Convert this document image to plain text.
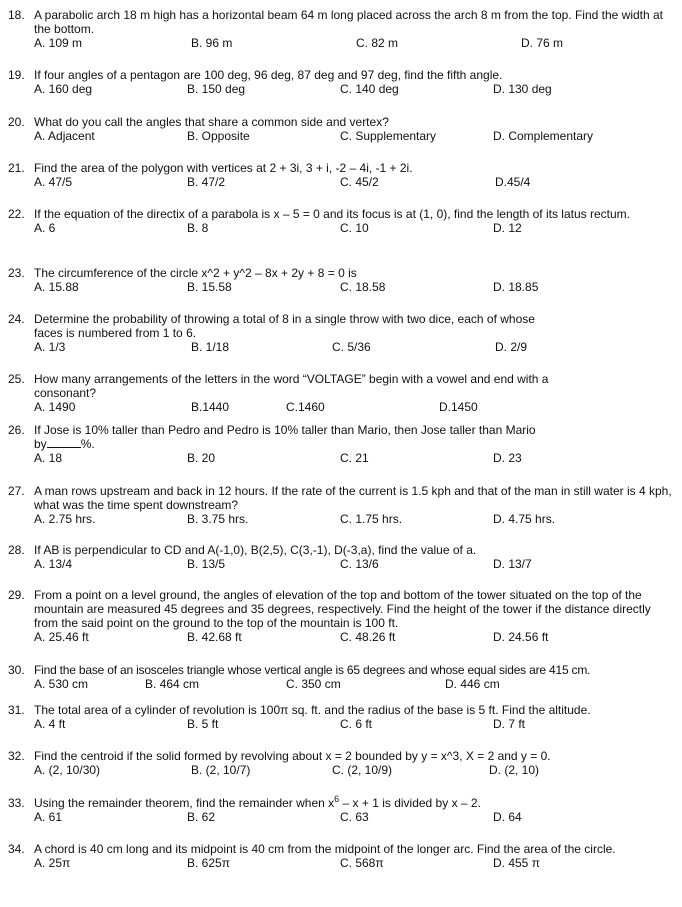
18. A parabolic arch 18 m high has a horizontal beam 64 m long placed across the arch 8 m from the top. Find the width at the bottom.
A. 109 m	B. 96 m	C. 82 m	D. 76 m
19. If four angles of a pentagon are 100 deg, 96 deg, 87 deg and 97 deg, find the fifth angle.
A. 160 deg	B. 150 deg	C. 140 deg	D. 130 deg
20. What do you call the angles that share a common side and vertex?
A. Adjacent	B. Opposite	C. Supplementary	D. Complementary
21. Find the area of the polygon with vertices at 2 + 3i, 3 + i, -2 – 4i, -1 + 2i.
A. 47/5	B. 47/2	C. 45/2	D.45/4
22. If the equation of the directix of a parabola is x – 5 = 0 and its focus is at (1, 0), find the length of its latus rectum.
A. 6	B. 8	C. 10	D. 12
23. The circumference of the circle x^2 + y^2 – 8x + 2y + 8 = 0 is
A. 15.88	B. 15.58	C. 18.58	D. 18.85
24. Determine the probability of throwing a total of 8 in a single throw with two dice, each of whose faces is numbered from 1 to 6.
A. 1/3	B. 1/18	C. 5/36	D. 2/9
25. How many arrangements of the letters in the word “VOLTAGE” begin with a vowel and end with a consonant?
A. 1490	B.1440	C.1460	D.1450
26. If Jose is 10% taller than Pedro and Pedro is 10% taller than Mario, then Jose taller than Mario
by	%.
A. 18	B. 20	C. 21	D. 23
27. A man rows upstream and back in 12 hours. If the rate of the current is 1.5 kph and that of the man in still water is 4 kph, what was the time spent downstream?
A. 2.75 hrs.	B. 3.75 hrs.	C. 1.75 hrs.	D. 4.75 hrs.
28. If AB is perpendicular to CD and A(-1,0), B(2,5), C(3,-1), D(-3,a), find the value of a.
A. 13/4	B. 13/5	C. 13/6	D. 13/7
29. From a point on a level ground, the angles of elevation of the top and bottom of the tower situated on the top of the mountain are measured 45 degrees and 35 degrees, respectively. Find the height of the tower if the distance directly from the said point on the ground to the top of the mountain is 100 ft.
A. 25.46 ft	B. 42.68 ft	C. 48.26 ft	D. 24.56 ft
30. Find the base of an isosceles triangle whose vertical angle is 65 degrees and whose equal sides are 415 cm.
A. 530 cm	B. 464 cm	C. 350 cm	D. 446 cm
31. The total area of a cylinder of revolution is 100π sq. ft. and the radius of the base is 5 ft. Find the altitude.
A. 4 ft	B. 5 ft	C. 6 ft	D. 7 ft
32. Find the centroid if the solid formed by revolving about x = 2 bounded by y = x^3, X = 2 and y = 0.
A. (2, 10/30)	B. (2, 10/7)	C. (2, 10/9)	D. (2, 10)
33. Using the remainder theorem, find the remainder when $x^6 - x + 1$ is divided by x – 2.
A. 61	B. 62	C. 63	D. 64
34. A chord is 40 cm long and its midpoint is 40 cm from the midpoint of the longer arc. Find the area of the circle.
A. 25π	B. 625π	C. 568π	D. 455 π
